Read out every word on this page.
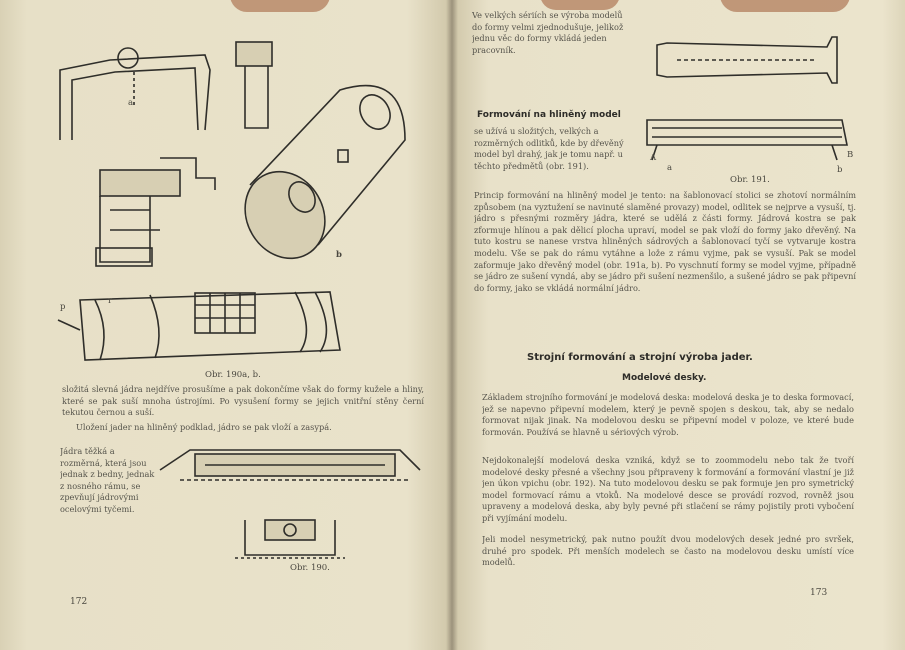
a
b
p
r
Obr. 190a, b.
složitá slevná jádra nejdříve prosušíme a pak dokončíme však do formy kužele a hliny, které se pak suší mnoha ústrojími. Po vysušení formy se jejich vnitřní stěny černí tekutou černou a suší.
Uložení jader na hliněný podklad, jádro se pak vloží a zasypá.
Jádra těžká a rozměrná, která jsou jednak z bedny, jednak z nosného rámu, se zpevňují jádrovými ocelovými tyčemi.
Obr. 190.
172
Ve velkých sériích se výroba modelů do formy velmi zjednodušuje, jelikož jednu věc do formy vkládá jeden pracovník.
Formování na hliněný model
se užívá u složitých, velkých a rozměrných odlitků, kde by dřevěný model byl drahý, jak je tomu např. u těchto předmětů (obr. 191).	a	b
A	B
Obr. 191.
Princip formování na hliněný model je tento: na šablonovací stolici se zhotoví normálním způsobem (na vyztužení se navinuté slaměné provazy) model, odlitek se nejprve a vysuší, tj. jádro s přesnými rozměry jádra, které se udělá z části formy. Jádrová kostra se pak zformuje hlínou a pak dělicí plocha upraví, model se pak vloží do formy jako dřevěný. Na tuto kostru se nanese vrstva hliněných sádrových a šablonovací tyčí se vytvaruje kostra modelu. Vše se pak do rámu vytáhne a lože z rámu vyjme, pak se vysuší. Pak se model zaformuje jako dřevěný model (obr. 191a, b). Po vyschnutí formy se model vyjme, případně se jádro ze sušení vyndá, aby se jádro při sušení nezmenšilo, a sušené jádro se pak připevní do formy, jako se vkládá normální jádro.
Strojní formování a strojní výroba jader.
Modelové desky.
Základem strojního formování je modelová deska: modelová deska je to deska formovací, jež se napevno připevní modelem, který je pevně spojen s deskou, tak, aby se nedalo formovat nijak jinak. Na modelovou desku se připevní model v poloze, ve které bude formován. Používá se hlavně u sériových výrob.
Nejdokonalejší modelová deska vzniká, když se to zoommodelu nebo tak že tvoří modelové desky přesné a všechny jsou připraveny k formování a formování vlastní je již jen úkon vpichu (obr. 192). Na tuto modelovou desku se pak formuje jen pro symetrický model formovací rámu a vtoků. Na modelové desce se provádí rozvod, rovněž jsou upraveny a modelová deska, aby byly pevné při stlačení se rámy pojistily proti vybočení při vyjímání modelu.
Jeli model nesymetrický, pak nutno použít dvou modelových desek jedné pro svršek, druhé pro spodek. Při menších modelech se často na modelovou desku umístí více modelů.
173
